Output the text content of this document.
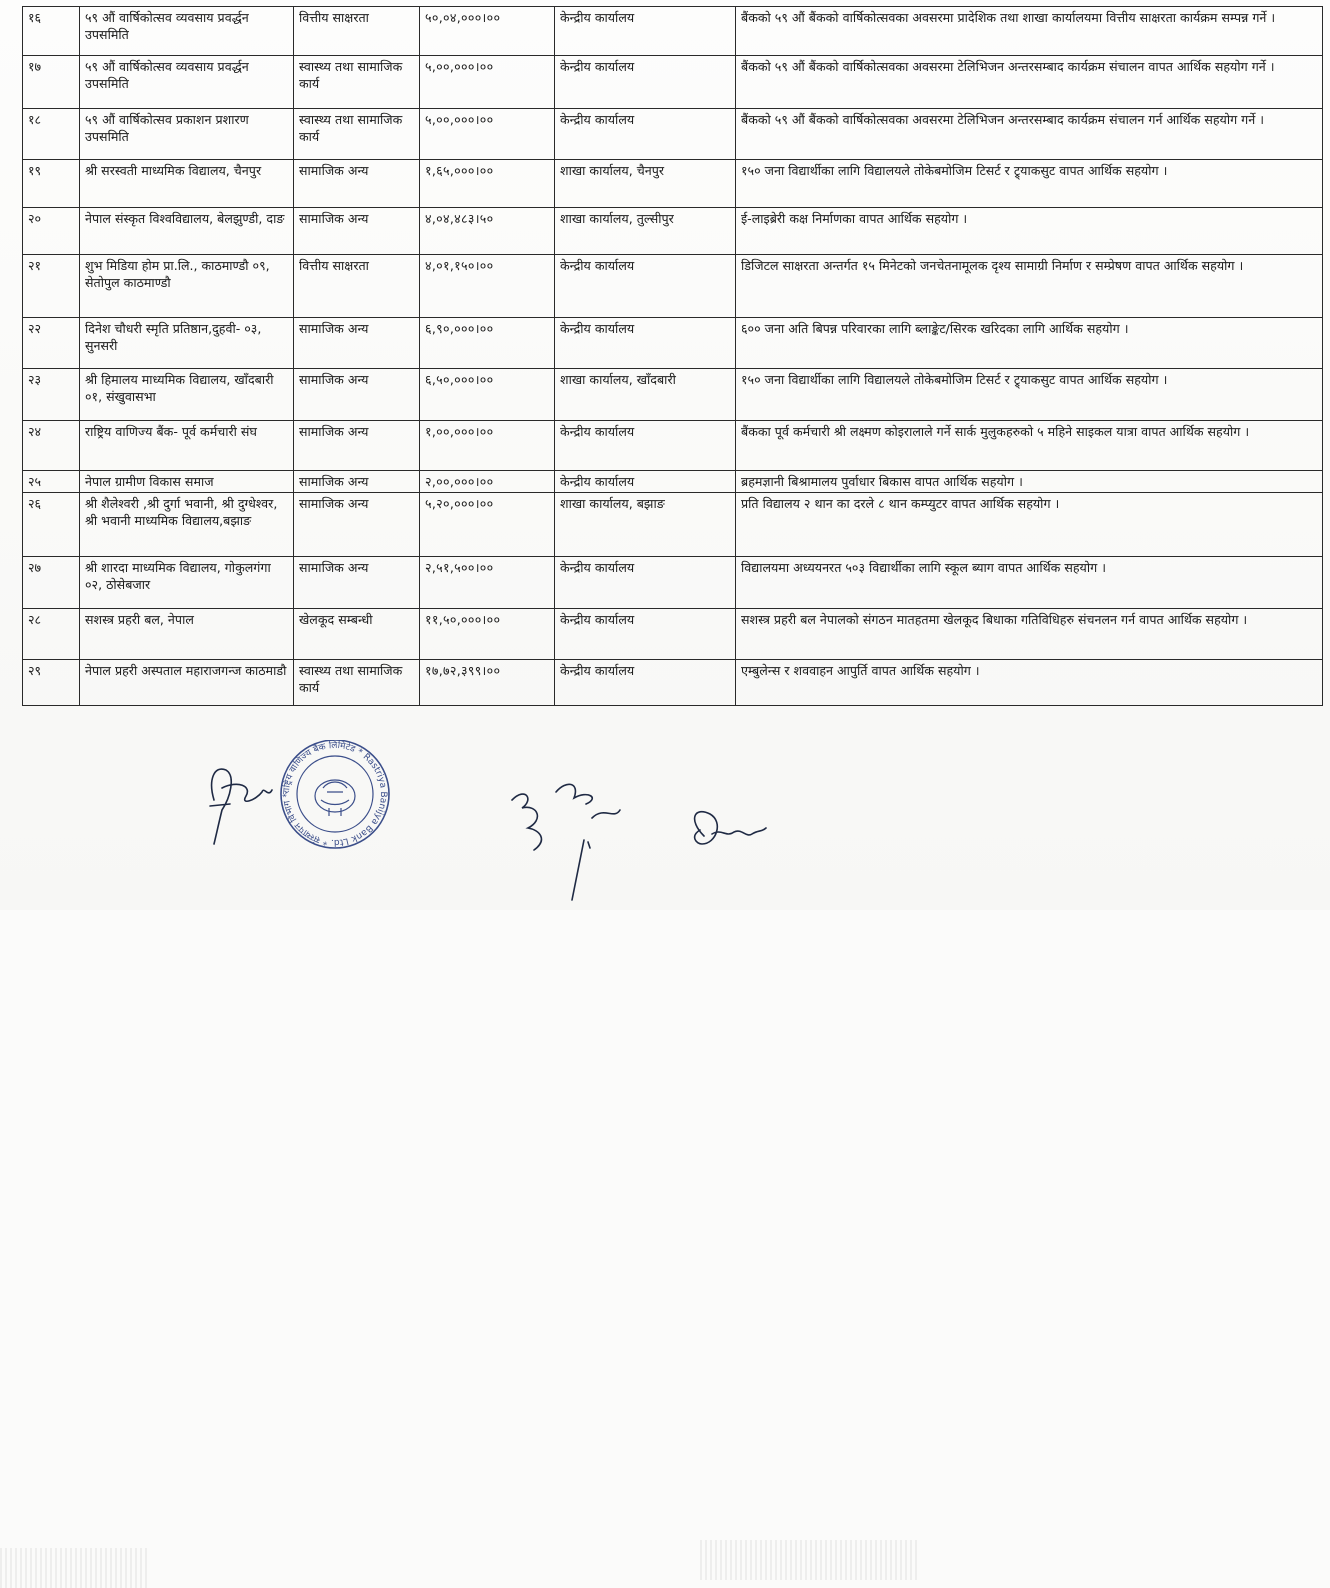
१६	५९ औं वार्षिकोत्सव व्यवसाय प्रवर्द्धन उपसमिति	वित्तीय साक्षरता	५०,०४,०००।००	केन्द्रीय कार्यालय	बैंकको ५९ औं बैंकको वार्षिकोत्सवका अवसरमा प्रादेशिक तथा शाखा कार्यालयमा वित्तीय साक्षरता कार्यक्रम सम्पन्न गर्ने ।
१७	५९ औं वार्षिकोत्सव व्यवसाय प्रवर्द्धन उपसमिति	स्वास्थ्य तथा सामाजिक कार्य	५,००,०००।००	केन्द्रीय कार्यालय	बैंकको ५९ औं बैंकको वार्षिकोत्सवका अवसरमा टेलिभिजन अन्तरसम्बाद कार्यक्रम संचालन वापत आर्थिक सहयोग गर्ने ।
१८	५९ औं वार्षिकोत्सव प्रकाशन प्रशारण उपसमिति	स्वास्थ्य तथा सामाजिक कार्य	५,००,०००।००	केन्द्रीय कार्यालय	बैंकको ५९ औं बैंकको वार्षिकोत्सवका अवसरमा टेलिभिजन अन्तरसम्बाद कार्यक्रम संचालन गर्न आर्थिक सहयोग गर्ने ।
१९	श्री सरस्वती माध्यमिक विद्यालय, चैनपुर	सामाजिक अन्य	१,६५,०००।००	शाखा कार्यालय, चैनपुर	१५० जना विद्यार्थीका लागि विद्यालयले तोकेबमोजिम टिसर्ट र ट्र्याकसुट वापत आर्थिक सहयोग ।
२०	नेपाल संस्कृत विश्वविद्यालय, बेलझुण्डी, दाङ	सामाजिक अन्य	४,०४,४८३।५०	शाखा कार्यालय, तुल्सीपुर	ई-लाइब्रेरी कक्ष निर्माणका वापत आर्थिक सहयोग ।
२१	शुभ मिडिया होम प्रा.लि., काठमाण्डौ ०९, सेतोपुल काठमाण्डौ	वित्तीय साक्षरता	४,०१,१५०।००	केन्द्रीय कार्यालय	डिजिटल साक्षरता अन्तर्गत १५ मिनेटको जनचेतनामूलक दृश्य सामाग्री निर्माण र सम्प्रेषण वापत आर्थिक सहयोग ।
२२	दिनेश चौधरी स्मृति प्रतिष्ठान,दुहवी- ०३, सुनसरी	सामाजिक अन्य	६,९०,०००।००	केन्द्रीय कार्यालय	६०० जना अति बिपन्न परिवारका लागि ब्लाङ्केट/सिरक खरिदका लागि आर्थिक सहयोग ।
२३	श्री हिमालय माध्यमिक विद्यालय, खाँदबारी ०१, संखुवासभा	सामाजिक अन्य	६,५०,०००।००	शाखा कार्यालय, खाँदबारी	१५० जना विद्यार्थीका लागि विद्यालयले तोकेबमोजिम टिसर्ट र ट्र्याकसुट वापत आर्थिक सहयोग ।
२४	राष्ट्रिय वाणिज्य बैंक- पूर्व कर्मचारी संघ	सामाजिक अन्य	१,००,०००।००	केन्द्रीय कार्यालय	बैंकका पूर्व कर्मचारी श्री लक्ष्मण कोइरालाले गर्ने सार्क मुलुकहरुको ५ महिने साइकल यात्रा वापत आर्थिक सहयोग ।
२५	नेपाल ग्रामीण विकास समाज	सामाजिक अन्य	२,००,०००।००	केन्द्रीय कार्यालय	ब्रहमज्ञानी बिश्रामालय पुर्वाधार बिकास वापत आर्थिक सहयोग ।
२६	श्री शैलेश्वरी ,श्री दुर्गा भवानी, श्री दुग्धेश्वर, श्री भवानी माध्यमिक विद्यालय,बझाङ	सामाजिक अन्य	५,२०,०००।००	शाखा कार्यालय, बझाङ	प्रति विद्यालय २ थान का दरले ८ थान कम्प्युटर वापत आर्थिक सहयोग ।
२७	श्री शारदा माध्यमिक विद्यालय, गोकुलगंगा ०२, ठोसेबजार	सामाजिक अन्य	२,५१,५००।००	केन्द्रीय कार्यालय	विद्यालयमा अध्ययनरत ५०३ विद्यार्थीका लागि स्कूल ब्याग वापत आर्थिक सहयोग ।
२८	सशस्त्र प्रहरी बल, नेपाल	खेलकूद सम्बन्धी	११,५०,०००।००	केन्द्रीय कार्यालय	सशस्त्र प्रहरी बल नेपालको संगठन मातहतमा खेलकूद बिधाका गतिविधिहरु संचनलन गर्न वापत आर्थिक सहयोग ।
२९	नेपाल प्रहरी अस्पताल महाराजगन्ज काठमाडौ	स्वास्थ्य तथा सामाजिक कार्य	१७,७२,३९९।००	केन्द्रीय कार्यालय	एम्बुलेन्स र शववाहन आपुर्ति वापत आर्थिक सहयोग ।
राष्ट्रिय वाणिज्य बैंक लिमिटेड * Rastriya Banijya Bank Ltd. * संस्थापन विभाग *
